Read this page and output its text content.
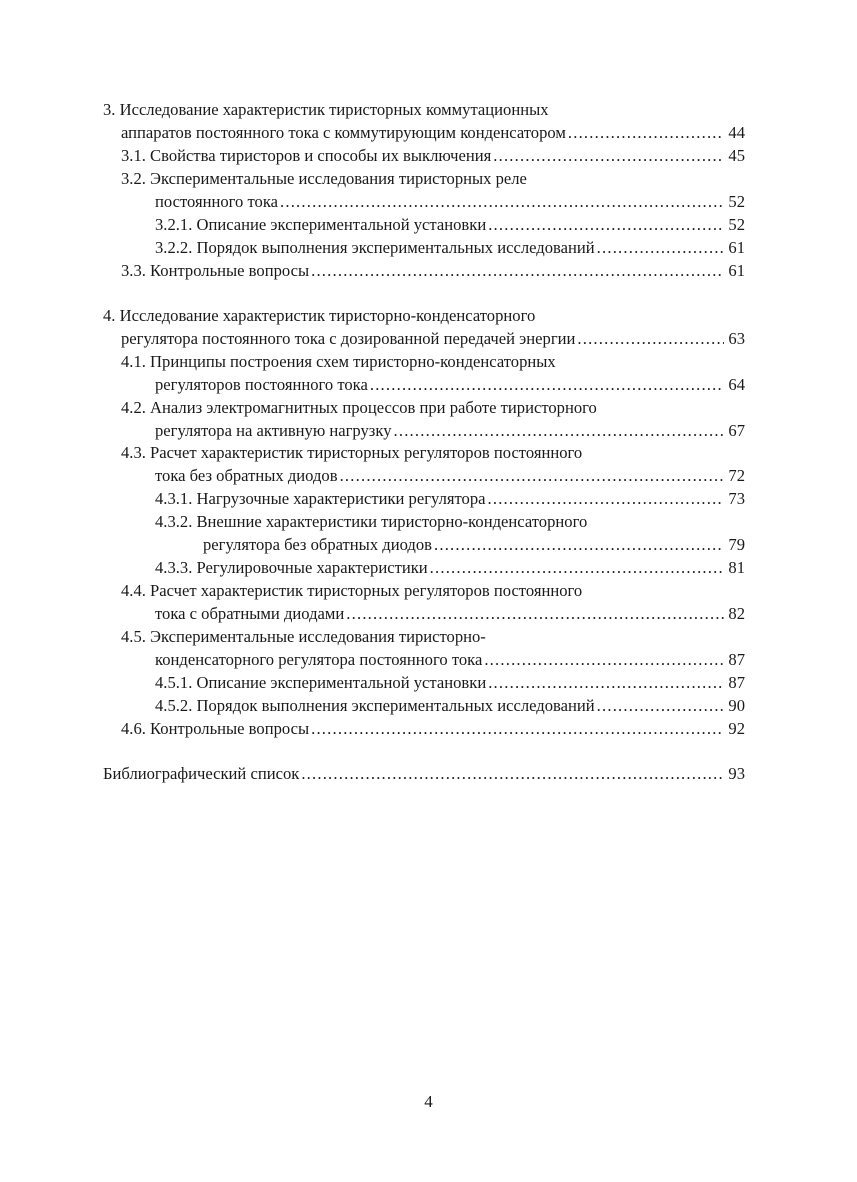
3. Исследование характеристик тиристорных коммутационных
аппаратов постоянного тока с коммутирующим конденсатором .....	44
3.1. Свойства тиристоров и способы их выключения .....	45
3.2. Экспериментальные исследования тиристорных реле
постоянного тока .....	52
3.2.1. Описание экспериментальной установки .....	52
3.2.2. Порядок выполнения экспериментальных исследований .....	61
3.3. Контрольные вопросы .....	61
4. Исследование характеристик тиристорно-конденсаторного
регулятора постоянного тока с дозированной передачей энергии .....	63
4.1. Принципы построения схем тиристорно-конденсаторных
регуляторов постоянного тока .....	64
4.2. Анализ электромагнитных процессов при работе тиристорного
регулятора на активную нагрузку .....	67
4.3. Расчет характеристик тиристорных регуляторов постоянного
тока без обратных диодов .....	72
4.3.1. Нагрузочные характеристики регулятора .....	73
4.3.2. Внешние характеристики тиристорно-конденсаторного
регулятора без обратных диодов .....	79
4.3.3. Регулировочные характеристики .....	81
4.4. Расчет характеристик тиристорных регуляторов постоянного
тока с обратными диодами .....	82
4.5. Экспериментальные исследования тиристорно-
конденсаторного регулятора постоянного тока .....	87
4.5.1. Описание экспериментальной установки .....	87
4.5.2. Порядок выполнения экспериментальных исследований .....	90
4.6. Контрольные вопросы .....	92
Библиографический список .....	93
4
